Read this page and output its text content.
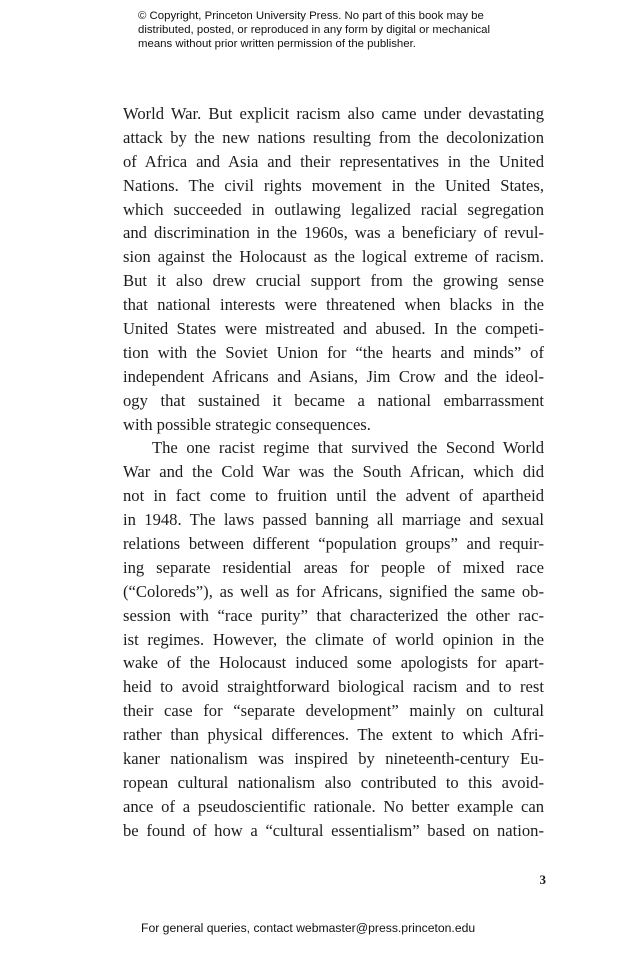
© Copyright, Princeton University Press. No part of this book may be
distributed, posted, or reproduced in any form by digital or mechanical
means without prior written permission of the publisher.
World War. But explicit racism also came under devastating
attack by the new nations resulting from the decolonization
of Africa and Asia and their representatives in the United
Nations. The civil rights movement in the United States,
which succeeded in outlawing legalized racial segregation
and discrimination in the 1960s, was a beneficiary of revul-
sion against the Holocaust as the logical extreme of racism.
But it also drew crucial support from the growing sense
that national interests were threatened when blacks in the
United States were mistreated and abused. In the competi-
tion with the Soviet Union for “the hearts and minds” of
independent Africans and Asians, Jim Crow and the ideol-
ogy that sustained it became a national embarrassment
with possible strategic consequences.
The one racist regime that survived the Second World
War and the Cold War was the South African, which did
not in fact come to fruition until the advent of apartheid
in 1948. The laws passed banning all marriage and sexual
relations between different “population groups” and requir-
ing separate residential areas for people of mixed race
(“Coloreds”), as well as for Africans, signified the same ob-
session with “race purity” that characterized the other rac-
ist regimes. However, the climate of world opinion in the
wake of the Holocaust induced some apologists for apart-
heid to avoid straightforward biological racism and to rest
their case for “separate development” mainly on cultural
rather than physical differences. The extent to which Afri-
kaner nationalism was inspired by nineteenth-century Eu-
ropean cultural nationalism also contributed to this avoid-
ance of a pseudoscientific rationale. No better example can
be found of how a “cultural essentialism” based on nation-
3
For general queries, contact webmaster@press.princeton.edu
